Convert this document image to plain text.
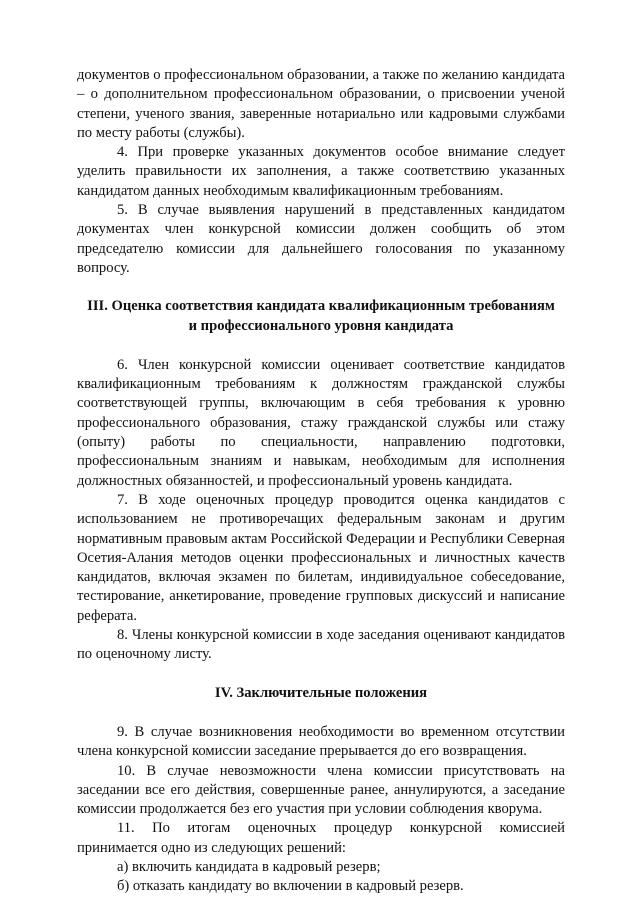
документов о профессиональном образовании, а также по желанию кандидата – о дополнительном профессиональном образовании, о присвоении ученой степени, ученого звания, заверенные нотариально или кадровыми службами по месту работы (службы).

4. При проверке указанных документов особое внимание следует уделить правильности их заполнения, а также соответствию указанных кандидатом данных необходимым квалификационным требованиям.

5. В случае выявления нарушений в представленных кандидатом документах член конкурсной комиссии должен сообщить об этом председателю комиссии для дальнейшего голосования по указанному вопросу.

III. Оценка соответствия кандидата квалификационным требованиям
и профессионального уровня кандидата

6. Член конкурсной комиссии оценивает соответствие кандидатов квалификационным требованиям к должностям гражданской службы соответствующей группы, включающим в себя требования к уровню профессионального образования, стажу гражданской службы или стажу (опыту) работы по специальности, направлению подготовки, профессиональным знаниям и навыкам, необходимым для исполнения должностных обязанностей, и профессиональный уровень кандидата.

7. В ходе оценочных процедур проводится оценка кандидатов с использованием не противоречащих федеральным законам и другим нормативным правовым актам Российской Федерации и Республики Северная Осетия-Алания методов оценки профессиональных и личностных качеств кандидатов, включая экзамен по билетам, индивидуальное собеседование, тестирование, анкетирование, проведение групповых дискуссий и написание реферата.

8. Члены конкурсной комиссии в ходе заседания оценивают кандидатов по оценочному листу.

IV. Заключительные положения

9. В случае возникновения необходимости во временном отсутствии члена конкурсной комиссии заседание прерывается до его возвращения.

10. В случае невозможности члена комиссии присутствовать на заседании все его действия, совершенные ранее, аннулируются, а заседание комиссии продолжается без его участия при условии соблюдения кворума.

11. По итогам оценочных процедур конкурсной комиссией принимается одно из следующих решений:

а) включить кандидата в кадровый резерв;

б) отказать кандидату во включении в кадровый резерв.
